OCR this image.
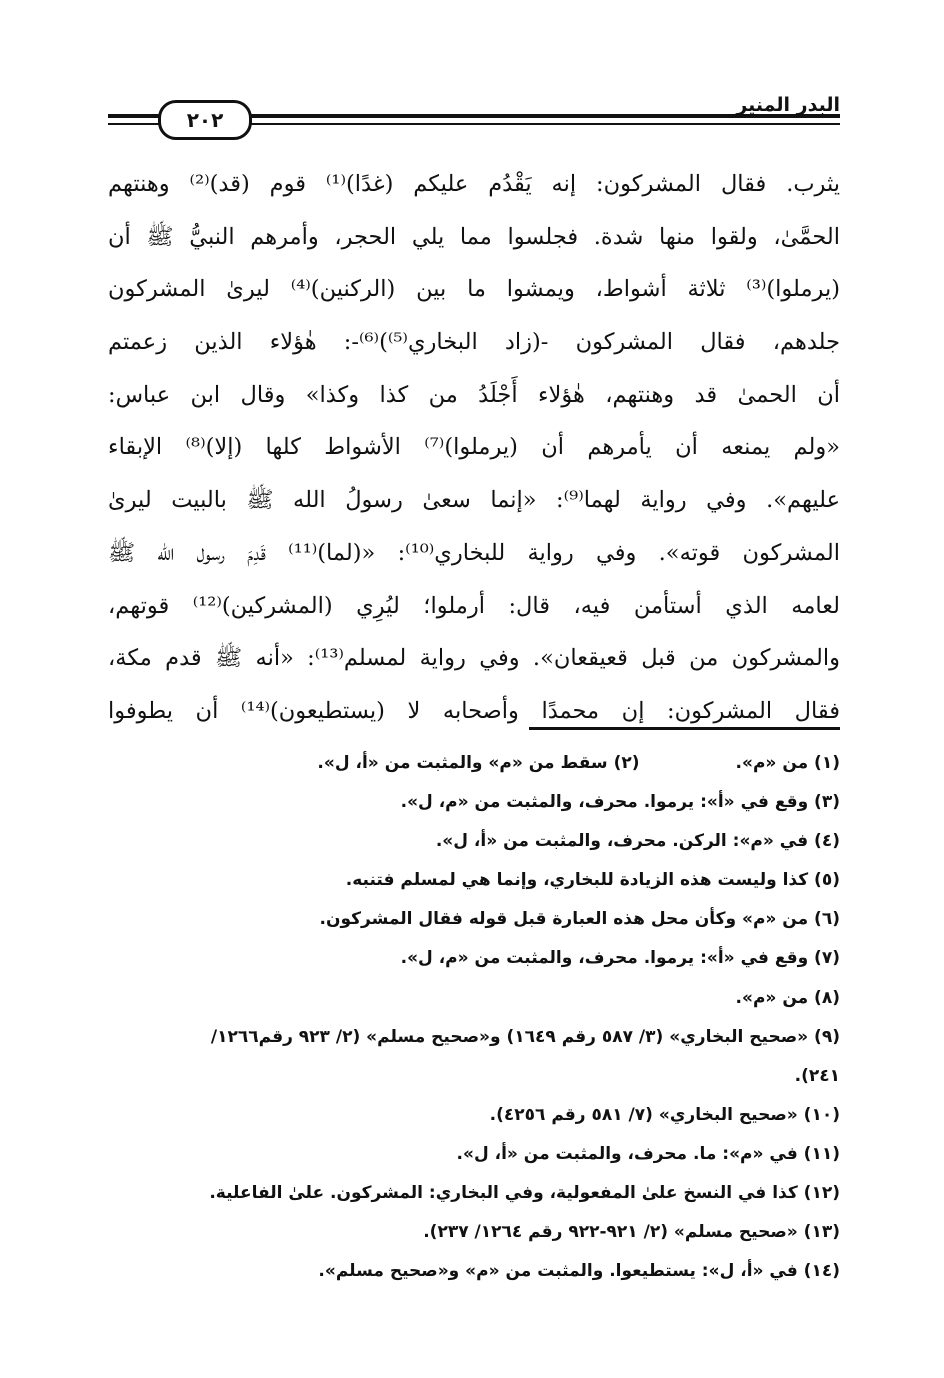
٢٠٢
البدر المنير
يثرب. فقال المشركون: إنه يَقْدُم عليكم (غدًا)⁽¹⁾ قوم (قد)⁽²⁾ وهنتهم
الحمَّىٰ، ولقوا منها شدة. فجلسوا مما يلي الحجر، وأمرهم النبيُّ ﷺ أن
(يرملوا)⁽³⁾ ثلاثة أشواط، ويمشوا ما بين (الركنين)⁽⁴⁾ ليرىٰ المشركون
جلدهم، فقال المشركون -(زاد البخاري⁽⁵⁾)⁽⁶⁾-: هٰؤلاء الذين زعمتم
أن الحمىٰ قد وهنتهم، هٰؤلاء أَجْلَدُ من كذا وكذا» وقال ابن عباس:
«ولم يمنعه أن يأمرهم أن (يرملوا)⁽⁷⁾ الأشواط كلها (إلا)⁽⁸⁾ الإبقاء
عليهم». وفي رواية لهما⁽⁹⁾: «إنما سعىٰ رسولُ الله ﷺ بالبيت ليرىٰ
المشركون قوته». وفي رواية للبخاري⁽¹⁰⁾: «(لما)⁽¹¹⁾ قَدِمَ رسول الله ﷺ
لعامه الذي أستأمن فيه، قال: أرملوا؛ ليُرِي (المشركين)⁽¹²⁾ قوتهم،
والمشركون من قبل قعيقعان». وفي رواية لمسلم⁽¹³⁾: «أنه ﷺ قدم مكة،
فقال المشركون: إن محمدًا وأصحابه لا (يستطيعون)⁽¹⁴⁾ أن يطوفوا
(١) من «م».
(٢) سقط من «م» والمثبت من «أ، ل».
(٣) وقع في «أ»: يرموا. محرف، والمثبت من «م، ل».
(٤) في «م»: الركن. محرف، والمثبت من «أ، ل».
(٥) كذا وليست هذه الزيادة للبخاري، وإنما هي لمسلم فتنبه.
(٦) من «م» وكأن محل هذه العبارة قبل قوله فقال المشركون.
(٧) وقع في «أ»: يرموا. محرف، والمثبت من «م، ل».
(٨) من «م».
(٩) «صحيح البخاري» (٣/ ٥٨٧ رقم ١٦٤٩) و«صحيح مسلم» (٢/ ٩٢٣ رقم١٢٦٦/
٢٤١).
(١٠) «صحيح البخاري» (٧/ ٥٨١ رقم ٤٢٥٦).
(١١) في «م»: ما. محرف، والمثبت من «أ، ل».
(١٢) كذا في النسخ علىٰ المفعولية، وفي البخاري: المشركون. علىٰ الفاعلية.
(١٣) «صحيح مسلم» (٢/ ٩٢١-٩٢٢ رقم ١٢٦٤/ ٢٣٧).
(١٤) في «أ، ل»: يستطيعوا. والمثبت من «م» و«صحيح مسلم».
